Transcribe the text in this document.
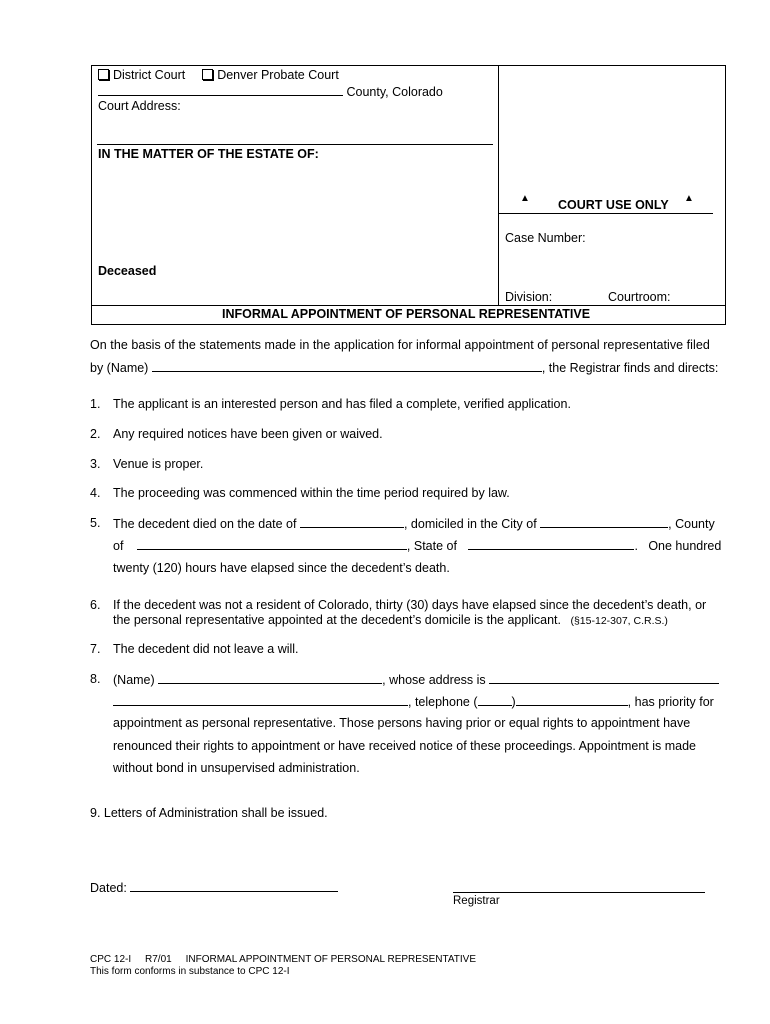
District Court	Denver Probate Court
County, Colorado
Court Address:
IN THE MATTER OF THE ESTATE OF:
Deceased
▲ COURT USE ONLY ▲
Case Number:
Division:	Courtroom:
INFORMAL APPOINTMENT OF PERSONAL REPRESENTATIVE
On the basis of the statements made in the application for informal appointment of personal representative filed
by (Name)	, the Registrar finds and directs:
1. The applicant is an interested person and has filed a complete, verified application.
2. Any required notices have been given or waived.
3. Venue is proper.
4. The proceeding was commenced within the time period required by law.
5. The decedent died on the date of	, domiciled in the City of	, County
of	, State of	.   One hundred
twenty (120) hours have elapsed since the decedent’s death.
6. If the decedent was not a resident of Colorado, thirty (30) days have elapsed since the decedent’s death, or
the personal representative appointed at the decedent’s domicile is the applicant. (§15-12-307, C.R.S.)
7. The decedent did not leave a will.
8. (Name)	, whose address is
, telephone (	)	, has priority for
appointment as personal representative. Those persons having prior or equal rights to appointment have
renounced their rights to appointment or have received notice of these proceedings. Appointment is made
without bond in unsupervised administration.
9. Letters of Administration shall be issued.
Dated:
Registrar
CPC 12-I     R7/01     INFORMAL APPOINTMENT OF PERSONAL REPRESENTATIVE
This form conforms in substance to CPC 12-I
